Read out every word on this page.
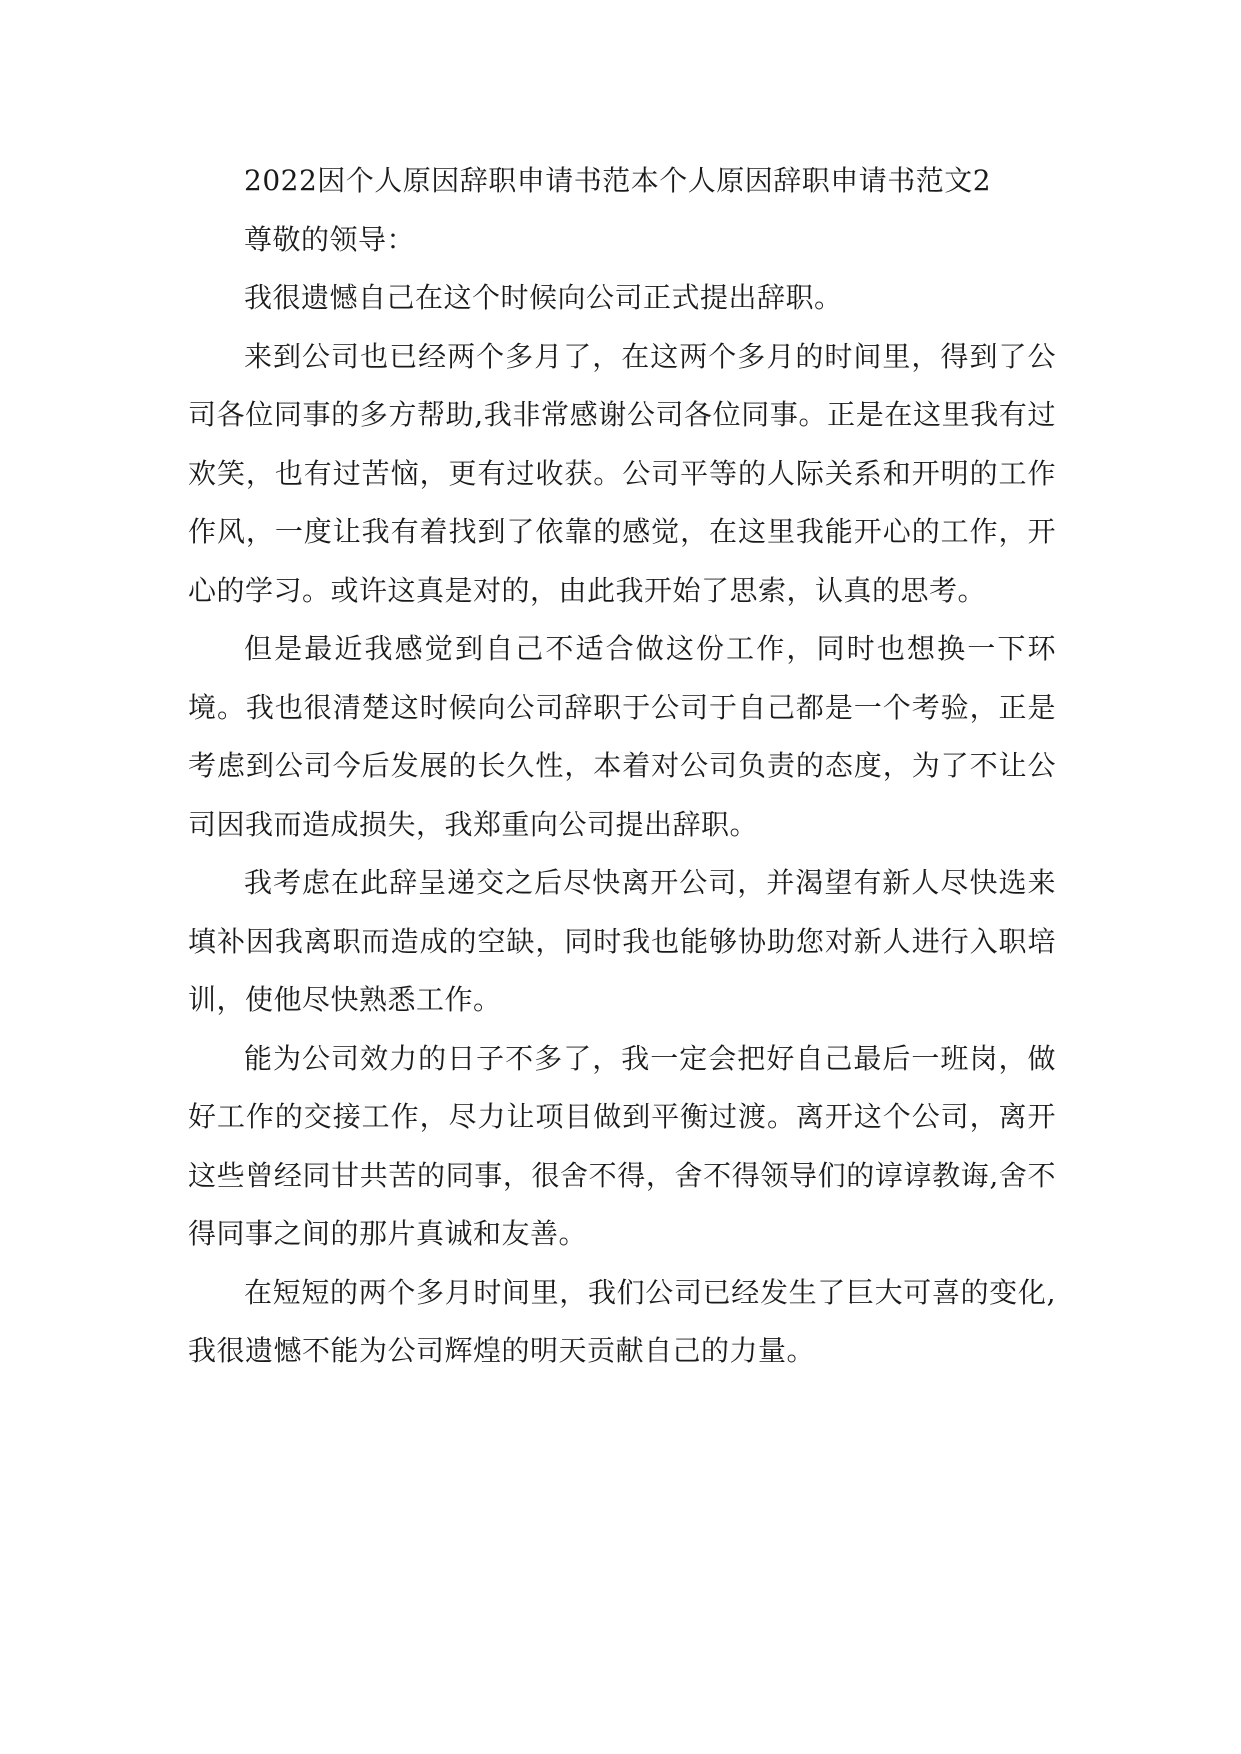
2022因个人原因辞职申请书范本个人原因辞职申请书范文2

尊敬的领导：

我很遗憾自己在这个时候向公司正式提出辞职。

来到公司也已经两个多月了，在这两个多月的时间里，得到了公司各位同事的多方帮助,我非常感谢公司各位同事。正是在这里我有过欢笑，也有过苦恼，更有过收获。公司平等的人际关系和开明的工作作风，一度让我有着找到了依靠的感觉，在这里我能开心的工作，开心的学习。或许这真是对的，由此我开始了思索，认真的思考。

但是最近我感觉到自己不适合做这份工作，同时也想换一下环境。我也很清楚这时候向公司辞职于公司于自己都是一个考验，正是考虑到公司今后发展的长久性，本着对公司负责的态度，为了不让公司因我而造成损失，我郑重向公司提出辞职。

我考虑在此辞呈递交之后尽快离开公司，并渴望有新人尽快选来填补因我离职而造成的空缺，同时我也能够协助您对新人进行入职培训，使他尽快熟悉工作。

能为公司效力的日子不多了，我一定会把好自己最后一班岗，做好工作的交接工作，尽力让项目做到平衡过渡。离开这个公司，离开这些曾经同甘共苦的同事，很舍不得，舍不得领导们的谆谆教诲,舍不得同事之间的那片真诚和友善。

在短短的两个多月时间里，我们公司已经发生了巨大可喜的变化,我很遗憾不能为公司辉煌的明天贡献自己的力量。
